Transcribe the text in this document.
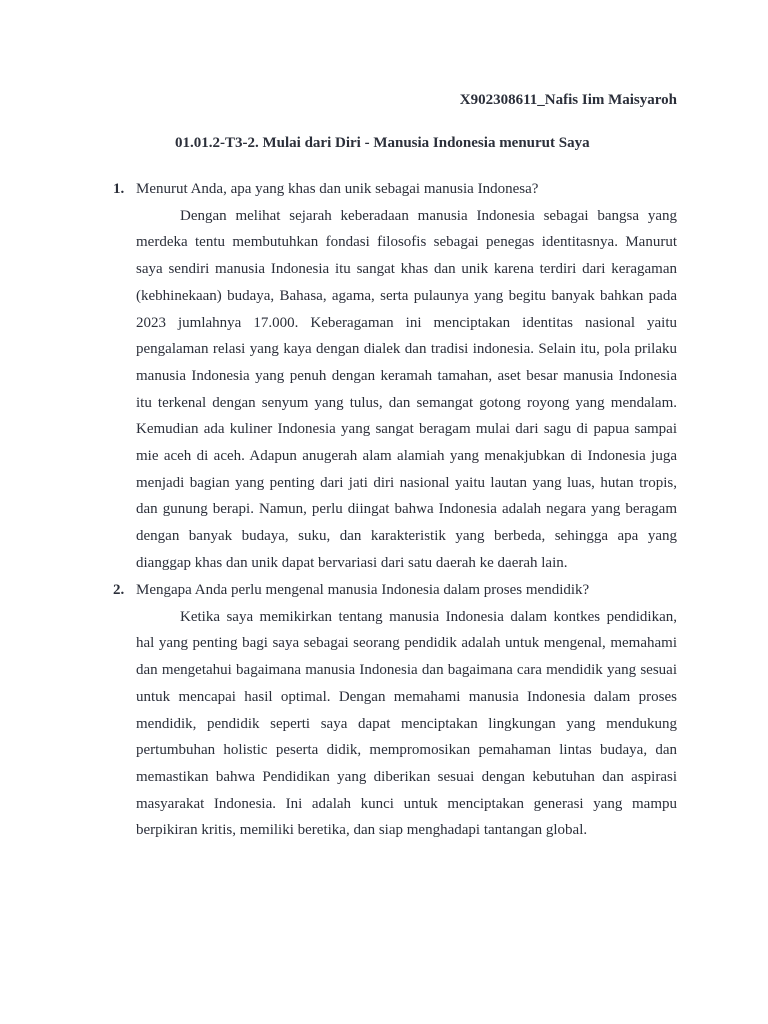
X902308611_Nafis Iim Maisyaroh
01.01.2-T3-2. Mulai dari Diri - Manusia Indonesia menurut Saya
1. Menurut Anda, apa yang khas dan unik sebagai manusia Indonesa?

Dengan melihat sejarah keberadaan manusia Indonesia sebagai bangsa yang merdeka tentu membutuhkan fondasi filosofis sebagai penegas identitasnya. Manurut saya sendiri manusia Indonesia itu sangat khas dan unik karena terdiri dari keragaman (kebhinekaan) budaya, Bahasa, agama, serta pulaunya yang begitu banyak bahkan pada 2023 jumlahnya 17.000. Keberagaman ini menciptakan identitas nasional yaitu pengalaman relasi yang kaya dengan dialek dan tradisi indonesia. Selain itu, pola prilaku manusia Indonesia yang penuh dengan keramah tamahan, aset besar manusia Indonesia itu terkenal dengan senyum yang tulus, dan semangat gotong royong yang mendalam. Kemudian ada kuliner Indonesia yang sangat beragam mulai dari sagu di papua sampai mie aceh di aceh. Adapun anugerah alam alamiah yang menakjubkan di Indonesia juga menjadi bagian yang penting dari jati diri nasional yaitu lautan yang luas, hutan tropis, dan gunung berapi. Namun, perlu diingat bahwa Indonesia adalah negara yang beragam dengan banyak budaya, suku, dan karakteristik yang berbeda, sehingga apa yang dianggap khas dan unik dapat bervariasi dari satu daerah ke daerah lain.

2. Mengapa Anda perlu mengenal manusia Indonesia dalam proses mendidik?

Ketika saya memikirkan tentang manusia Indonesia dalam kontkes pendidikan, hal yang penting bagi saya sebagai seorang pendidik adalah untuk mengenal, memahami dan mengetahui bagaimana manusia Indonesia dan bagaimana cara mendidik yang sesuai untuk mencapai hasil optimal. Dengan memahami manusia Indonesia dalam proses mendidik, pendidik seperti saya dapat menciptakan lingkungan yang mendukung pertumbuhan holistic peserta didik, mempromosikan pemahaman lintas budaya, dan memastikan bahwa Pendidikan yang diberikan sesuai dengan kebutuhan dan aspirasi masyarakat Indonesia. Ini adalah kunci untuk menciptakan generasi yang mampu berpikiran kritis, memiliki beretika, dan siap menghadapi tantangan global.
